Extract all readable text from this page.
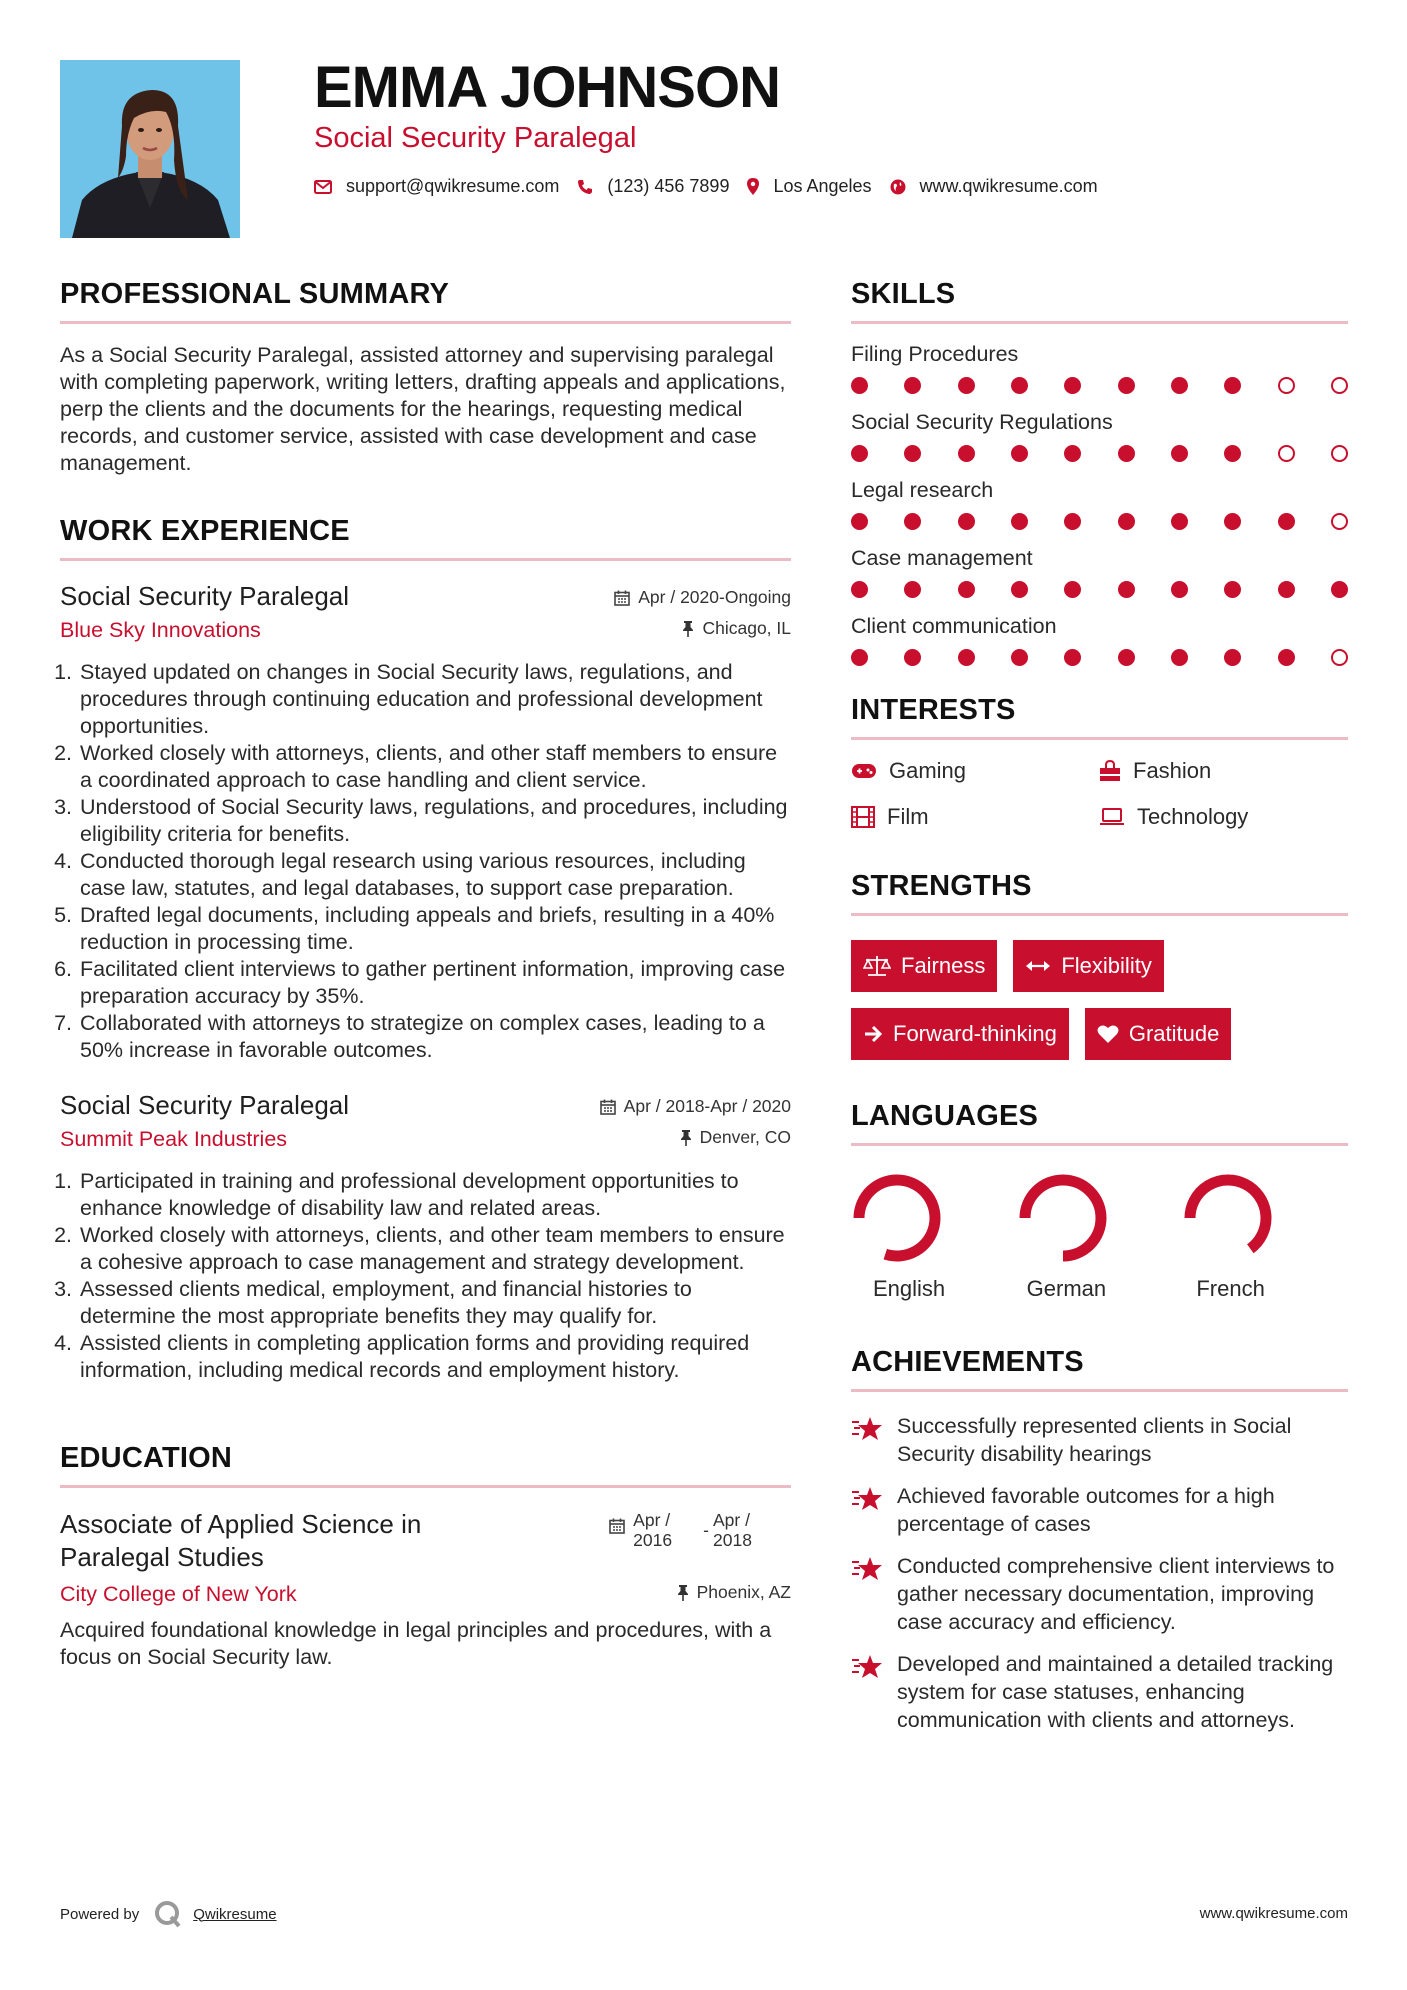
EMMA JOHNSON
Social Security Paralegal
support@qwikresume.com	(123) 456 7899 Los Angeles	www.qwikresume.com
PROFESSIONAL SUMMARY

As a Social Security Paralegal, assisted attorney and supervising paralegal with completing paperwork, writing letters, drafting appeals and applications, perp the clients and the documents for the hearings, requesting medical records, and customer service, assisted with case development and case management.

WORK EXPERIENCE
Social Security Paralegal	Apr / 2020-Ongoing
Blue Sky Innovations	Chicago, IL
1. Stayed updated on changes in Social Security laws, regulations, and procedures through continuing education and professional development opportunities.
2. Worked closely with attorneys, clients, and other staff members to ensure a coordinated approach to case handling and client service.
3. Understood of Social Security laws, regulations, and procedures, including eligibility criteria for benefits.
4. Conducted thorough legal research using various resources, including case law, statutes, and legal databases, to support case preparation.
5. Drafted legal documents, including appeals and briefs, resulting in a 40% reduction in processing time.
6. Facilitated client interviews to gather pertinent information, improving case preparation accuracy by 35%.
7. Collaborated with attorneys to strategize on complex cases, leading to a 50% increase in favorable outcomes.
Social Security Paralegal	Apr / 2018-Apr / 2020
Summit Peak Industries	Denver, CO
1. Participated in training and professional development opportunities to enhance knowledge of disability law and related areas.
2. Worked closely with attorneys, clients, and other team members to ensure a cohesive approach to case management and strategy development.
3. Assessed clients medical, employment, and financial histories to determine the most appropriate benefits they may qualify for.
4. Assisted clients in completing application forms and providing required information, including medical records and employment history.
EDUCATION
Associate of Applied Science in Paralegal Studies
Apr / 2016	- Apr / 2018
City College of New York	Phoenix, AZ

Acquired foundational knowledge in legal principles and procedures, with a focus on Social Security law.

SKILLS
Filing Procedures
Social Security Regulations
Legal research
Case management
Client communication
INTERESTS
Gaming	Fashion
Film	Technology
STRENGTHS
Fairness	Flexibility
Forward-thinking	Gratitude
LANGUAGES
English	German	French
ACHIEVEMENTS
Successfully represented clients in Social Security disability hearings
Achieved favorable outcomes for a high percentage of cases
Conducted comprehensive client interviews to gather necessary documentation, improving case accuracy and efficiency.
Developed and maintained a detailed tracking system for case statuses, enhancing communication with clients and attorneys.
Powered by	Qwikresume	www.qwikresume.com
